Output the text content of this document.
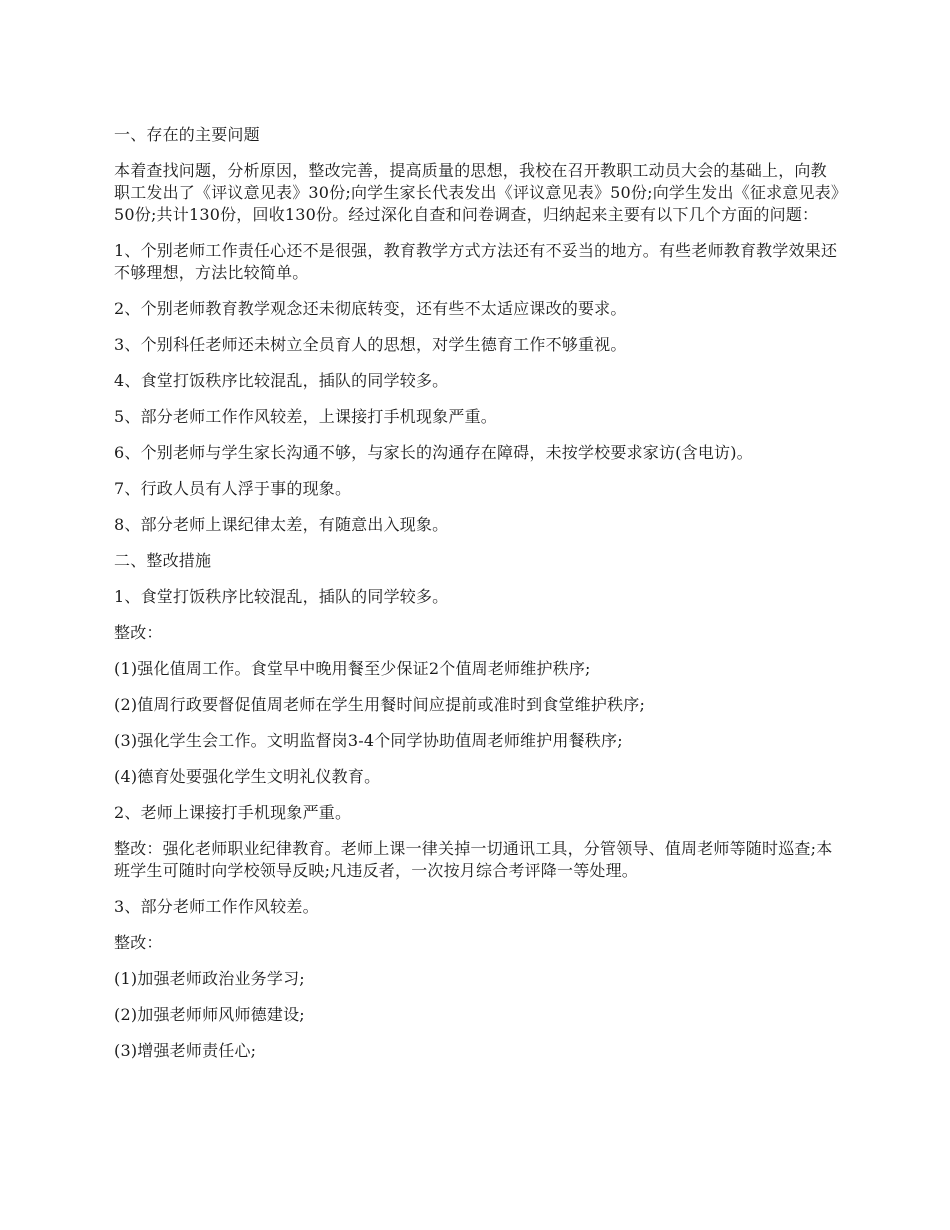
一、存在的主要问题

本着查找问题，分析原因，整改完善，提高质量的思想，我校在召开教职工动员大会的基础上，向教职工发出了《评议意见表》30份;向学生家长代表发出《评议意见表》50份;向学生发出《征求意见表》50份;共计130份，回收130份。经过深化自查和问卷调查，归纳起来主要有以下几个方面的问题：

1、个别老师工作责任心还不是很强，教育教学方式方法还有不妥当的地方。有些老师教育教学效果还不够理想，方法比较简单。

2、个别老师教育教学观念还未彻底转变，还有些不太适应课改的要求。

3、个别科任老师还未树立全员育人的思想，对学生德育工作不够重视。

4、食堂打饭秩序比较混乱，插队的同学较多。

5、部分老师工作作风较差，上课接打手机现象严重。

6、个别老师与学生家长沟通不够，与家长的沟通存在障碍，未按学校要求家访(含电访)。

7、行政人员有人浮于事的现象。

8、部分老师上课纪律太差，有随意出入现象。

二、整改措施

1、食堂打饭秩序比较混乱，插队的同学较多。

整改：

(1)强化值周工作。食堂早中晚用餐至少保证2个值周老师维护秩序;

(2)值周行政要督促值周老师在学生用餐时间应提前或准时到食堂维护秩序;

(3)强化学生会工作。文明监督岗3-4个同学协助值周老师维护用餐秩序;

(4)德育处要强化学生文明礼仪教育。

2、老师上课接打手机现象严重。

整改：强化老师职业纪律教育。老师上课一律关掉一切通讯工具，分管领导、值周老师等随时巡查;本班学生可随时向学校领导反映;凡违反者，一次按月综合考评降一等处理。

3、部分老师工作作风较差。

整改：

(1)加强老师政治业务学习;

(2)加强老师师风师德建设;

(3)增强老师责任心;
